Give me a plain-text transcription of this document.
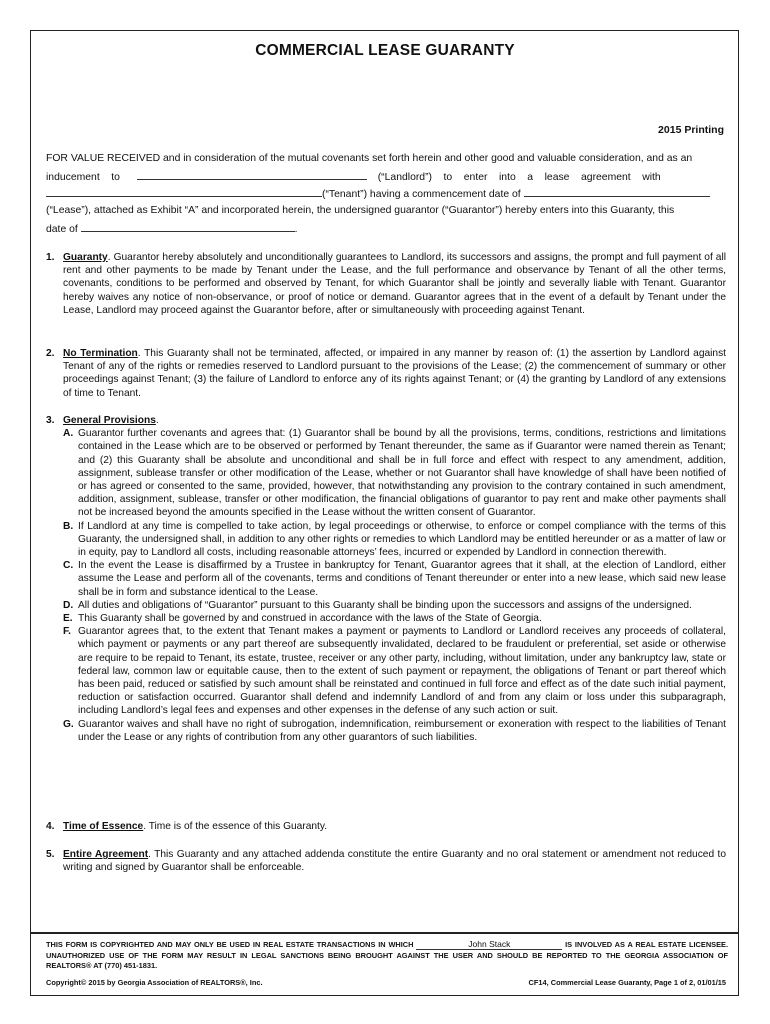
COMMERCIAL LEASE GUARANTY
2015 Printing
FOR VALUE RECEIVED and in consideration of the mutual covenants set forth herein and other good and valuable consideration, and as an
inducement    to	(“Landlord”)    to    enter    into    a    lease    agreement    with
(“Tenant”) having a commencement date of
(“Lease”), attached as Exhibit “A” and incorporated herein, the undersigned guarantor (“Guarantor”) hereby enters into this Guaranty, this
date of	.
1. Guaranty. Guarantor hereby absolutely and unconditionally guarantees to Landlord, its successors and assigns, the prompt and full payment of all rent and other payments to be made by Tenant under the Lease, and the full performance and observance by Tenant of all the other terms, covenants, conditions to be performed and observed by Tenant, for which Guarantor shall be jointly and severally liable with Tenant. Guarantor hereby waives any notice of non-observance, or proof of notice or demand. Guarantor agrees that in the event of a default by Tenant under the Lease, Landlord may proceed against the Guarantor before, after or simultaneously with proceeding against Tenant.
2. No Termination. This Guaranty shall not be terminated, affected, or impaired in any manner by reason of: (1) the assertion by Landlord against Tenant of any of the rights or remedies reserved to Landlord pursuant to the provisions of the Lease; (2) the commencement of summary or other proceedings against Tenant; (3) the failure of Landlord to enforce any of its rights against Tenant; or (4) the granting by Landlord of any extensions of time to Tenant.
3. General Provisions.
A. Guarantor further covenants and agrees that: (1) Guarantor shall be bound by all the provisions, terms, conditions, restrictions and limitations contained in the Lease which are to be observed or performed by Tenant thereunder, the same as if Guarantor were named therein as Tenant; and (2) this Guaranty shall be absolute and unconditional and shall be in full force and effect with respect to any amendment, addition, assignment, sublease transfer or other modification of the Lease, whether or not Guarantor shall have knowledge of shall have been notified of or has agreed or consented to the same, provided, however, that notwithstanding any provision to the contrary contained in such amendment, addition, assignment, sublease, transfer or other modification, the financial obligations of guarantor to pay rent and make other payments shall not be increased beyond the amounts specified in the Lease without the written consent of Guarantor.
B. If Landlord at any time is compelled to take action, by legal proceedings or otherwise, to enforce or compel compliance with the terms of this Guaranty, the undersigned shall, in addition to any other rights or remedies to which Landlord may be entitled hereunder or as a matter of law or in equity, pay to Landlord all costs, including reasonable attorneys’ fees, incurred or expended by Landlord in connection therewith.
C. In the event the Lease is disaffirmed by a Trustee in bankruptcy for Tenant, Guarantor agrees that it shall, at the election of Landlord, either assume the Lease and perform all of the covenants, terms and conditions of Tenant thereunder or enter into a new lease, which said new lease shall be in form and substance identical to the Lease.
D. All duties and obligations of “Guarantor” pursuant to this Guaranty shall be binding upon the successors and assigns of the undersigned.
E. This Guaranty shall be governed by and construed in accordance with the laws of the State of Georgia.
F. Guarantor agrees that, to the extent that Tenant makes a payment or payments to Landlord or Landlord receives any proceeds of collateral, which payment or payments or any part thereof are subsequently invalidated, declared to be fraudulent or preferential, set aside or otherwise are require to be repaid to Tenant, its estate, trustee, receiver or any other party, including, without limitation, under any bankruptcy law, state or federal law, common law or equitable cause, then to the extent of such payment or repayment, the obligations of Tenant or part thereof which has been paid, reduced or satisfied by such amount shall be reinstated and continued in full force and effect as of the date such initial payment, reduction or satisfaction occurred. Guarantor shall defend and indemnify Landlord of and from any claim or loss under this subparagraph, including Landlord’s legal fees and expenses and other expenses in the defense of any such action or suit.
G. Guarantor waives and shall have no right of subrogation, indemnification, reimbursement or exoneration with respect to the liabilities of Tenant under the Lease or any rights of contribution from any other guarantors of such liabilities.
4. Time of Essence. Time is of the essence of this Guaranty.
5. Entire Agreement. This Guaranty and any attached addenda constitute the entire Guaranty and no oral statement or amendment not reduced to writing and signed by Guarantor shall be enforceable.
THIS FORM IS COPYRIGHTED AND MAY ONLY BE USED IN REAL ESTATE TRANSACTIONS IN WHICH	John Stack	IS INVOLVED AS A REAL ESTATE LICENSEE. UNAUTHORIZED USE OF THE FORM MAY RESULT IN LEGAL SANCTIONS BEING BROUGHT AGAINST THE USER AND SHOULD BE REPORTED TO THE GEORGIA ASSOCIATION OF REALTORS® AT (770) 451-1831.
Copyright© 2015 by Georgia Association of REALTORS®, Inc.	CF14, Commercial Lease Guaranty, Page 1 of 2, 01/01/15
